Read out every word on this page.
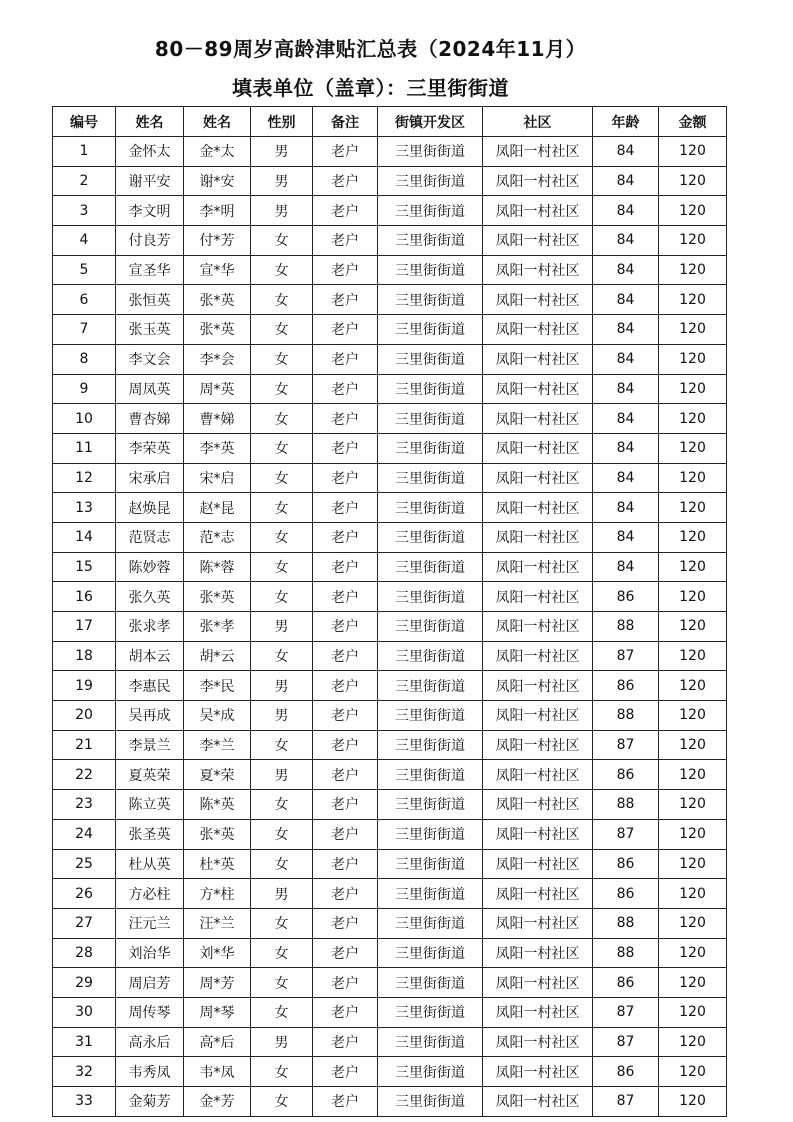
80－89周岁高龄津贴汇总表（2024年11月）
填表单位（盖章）：三里街街道
编号	姓名	姓名	性别	备注	街镇开发区	社区	年龄	金额
1	金怀太	金*太	男	老户	三里街街道	凤阳一村社区	84	120
2	谢平安	谢*安	男	老户	三里街街道	凤阳一村社区	84	120
3	李文明	李*明	男	老户	三里街街道	凤阳一村社区	84	120
4	付良芳	付*芳	女	老户	三里街街道	凤阳一村社区	84	120
5	宣圣华	宣*华	女	老户	三里街街道	凤阳一村社区	84	120
6	张恒英	张*英	女	老户	三里街街道	凤阳一村社区	84	120
7	张玉英	张*英	女	老户	三里街街道	凤阳一村社区	84	120
8	李文会	李*会	女	老户	三里街街道	凤阳一村社区	84	120
9	周凤英	周*英	女	老户	三里街街道	凤阳一村社区	84	120
10	曹杏娣	曹*娣	女	老户	三里街街道	凤阳一村社区	84	120
11	李荣英	李*英	女	老户	三里街街道	凤阳一村社区	84	120
12	宋承启	宋*启	女	老户	三里街街道	凤阳一村社区	84	120
13	赵焕昆	赵*昆	女	老户	三里街街道	凤阳一村社区	84	120
14	范贤志	范*志	女	老户	三里街街道	凤阳一村社区	84	120
15	陈妙蓉	陈*蓉	女	老户	三里街街道	凤阳一村社区	84	120
16	张久英	张*英	女	老户	三里街街道	凤阳一村社区	86	120
17	张求孝	张*孝	男	老户	三里街街道	凤阳一村社区	88	120
18	胡本云	胡*云	女	老户	三里街街道	凤阳一村社区	87	120
19	李惠民	李*民	男	老户	三里街街道	凤阳一村社区	86	120
20	吴再成	吴*成	男	老户	三里街街道	凤阳一村社区	88	120
21	李景兰	李*兰	女	老户	三里街街道	凤阳一村社区	87	120
22	夏英荣	夏*荣	男	老户	三里街街道	凤阳一村社区	86	120
23	陈立英	陈*英	女	老户	三里街街道	凤阳一村社区	88	120
24	张圣英	张*英	女	老户	三里街街道	凤阳一村社区	87	120
25	杜从英	杜*英	女	老户	三里街街道	凤阳一村社区	86	120
26	方必柱	方*柱	男	老户	三里街街道	凤阳一村社区	86	120
27	汪元兰	汪*兰	女	老户	三里街街道	凤阳一村社区	88	120
28	刘治华	刘*华	女	老户	三里街街道	凤阳一村社区	88	120
29	周启芳	周*芳	女	老户	三里街街道	凤阳一村社区	86	120
30	周传琴	周*琴	女	老户	三里街街道	凤阳一村社区	87	120
31	高永后	高*后	男	老户	三里街街道	凤阳一村社区	87	120
32	韦秀凤	韦*凤	女	老户	三里街街道	凤阳一村社区	86	120
33	金菊芳	金*芳	女	老户	三里街街道	凤阳一村社区	87	120
